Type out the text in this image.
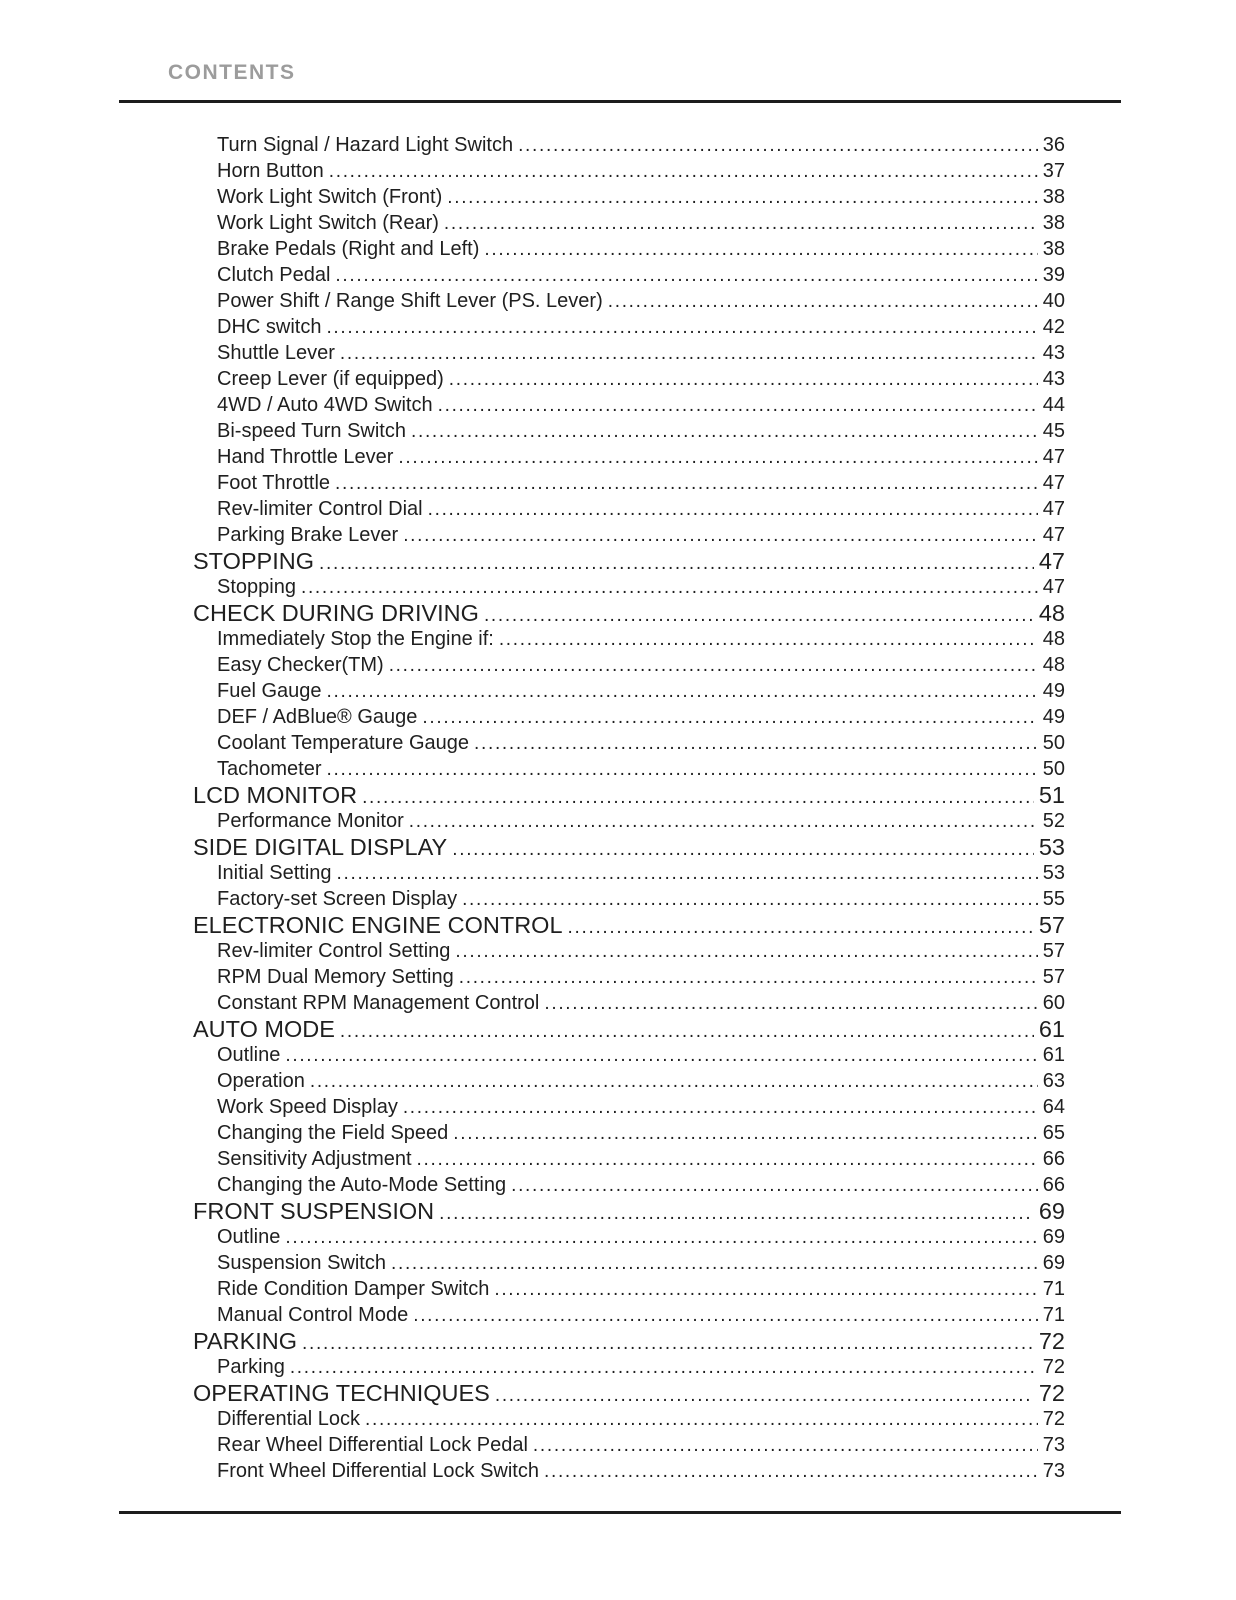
CONTENTS
Turn Signal / Hazard Light Switch .....	36
Horn Button .....	37
Work Light Switch (Front) .....	38
Work Light Switch (Rear) .....	38
Brake Pedals (Right and Left) .....	38
Clutch Pedal .....	39
Power Shift / Range Shift Lever (PS. Lever) .....	40
DHC switch .....	42
Shuttle Lever .....	43
Creep Lever (if equipped) .....	43
4WD / Auto 4WD Switch .....	44
Bi-speed Turn Switch .....	45
Hand Throttle Lever .....	47
Foot Throttle .....	47
Rev-limiter Control Dial .....	47
Parking Brake Lever .....	47
STOPPING .....	47
Stopping .....	47
CHECK DURING DRIVING .....	48
Immediately Stop the Engine if: .....	48
Easy Checker(TM) .....	48
Fuel Gauge .....	49
DEF / AdBlue® Gauge .....	49
Coolant Temperature Gauge .....	50
Tachometer .....	50
LCD MONITOR .....	51
Performance Monitor .....	52
SIDE DIGITAL DISPLAY .....	53
Initial Setting .....	53
Factory-set Screen Display .....	55
ELECTRONIC ENGINE CONTROL .....	57
Rev-limiter Control Setting .....	57
RPM Dual Memory Setting .....	57
Constant RPM Management Control .....	60
AUTO MODE .....	61
Outline .....	61
Operation .....	63
Work Speed Display .....	64
Changing the Field Speed .....	65
Sensitivity Adjustment .....	66
Changing the Auto-Mode Setting .....	66
FRONT SUSPENSION .....	69
Outline .....	69
Suspension Switch .....	69
Ride Condition Damper Switch .....	71
Manual Control Mode .....	71
PARKING .....	72
Parking .....	72
OPERATING TECHNIQUES .....	72
Differential Lock .....	72
Rear Wheel Differential Lock Pedal .....	73
Front Wheel Differential Lock Switch .....	73
